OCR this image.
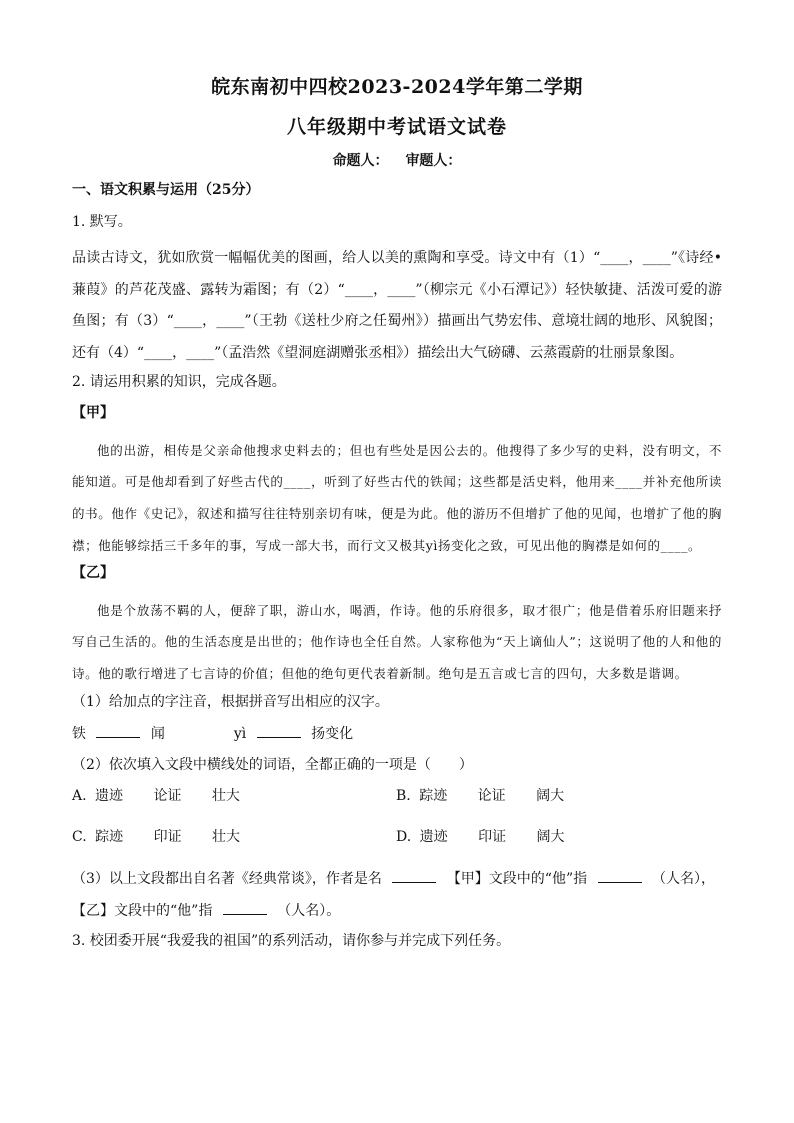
皖东南初中四校2023-2024学年第二学期
八年级期中考试语文试卷
命题人： 审题人：
一、语文积累与运用（25分）
1. 默写。

品读古诗文，犹如欣赏一幅幅优美的图画，给人以美的熏陶和享受。诗文中有（1）“____，____”《诗经•蒹葭》的芦花茂盛、露转为霜图；有（2）“____，____”（柳宗元《小石潭记》）轻快敏捷、活泼可爱的游鱼图；有（3）“____，____”（王勃《送杜少府之任蜀州》）描画出气势宏伟、意境壮阔的地形、风貌图；还有（4）“____，____”（孟浩然《望洞庭湖赠张丞相》）描绘出大气磅礴、云蒸霞蔚的壮丽景象图。

2. 请运用积累的知识，完成各题。
【甲】

他的出游，相传是父亲命他搜求史料去的；但也有些处是因公去的。他搜得了多少写的史料，没有明文，不能知道。可是他却看到了好些古代的____，听到了好些古代的铁闻；这些都是活史料，他用来____并补充他所读的书。他作《史记》，叙述和描写往往特别亲切有味，便是为此。他的游历不但增扩了他的见闻，也增扩了他的胸襟；他能够综括三千多年的事，写成一部大书，而行文又极其yì扬变化之致，可见出他的胸襟是如何的____。

【乙】

他是个放荡不羁的人，便辞了职，游山水，喝酒，作诗。他的乐府很多，取才很广；他是借着乐府旧题来抒写自己生活的。他的生活态度是出世的；他作诗也全任自然。人家称他为“天上谪仙人”；这说明了他的人和他的诗。他的歌行增进了七言诗的价值；但他的绝句更代表着新制。绝句是五言或七言的四句，大多数是谐调。

（1）给加点的字注音，根据拼音写出相应的汉字。
铁	闻	yì	扬变化
（2）依次填入文段中横线处的词语，全都正确的一项是（　　）
A. 遗迹 论证 壮大	B. 踪迹 论证 阔大
C. 踪迹 印证 壮大	D. 遗迹 印证 阔大
（3）以上文段都出自名著《经典常谈》，作者是名	【甲】文段中的“他”指	（人名），
【乙】文段中的“他”指	（人名）。
3. 校团委开展“我爱我的祖国”的系列活动，请你参与并完成下列任务。
